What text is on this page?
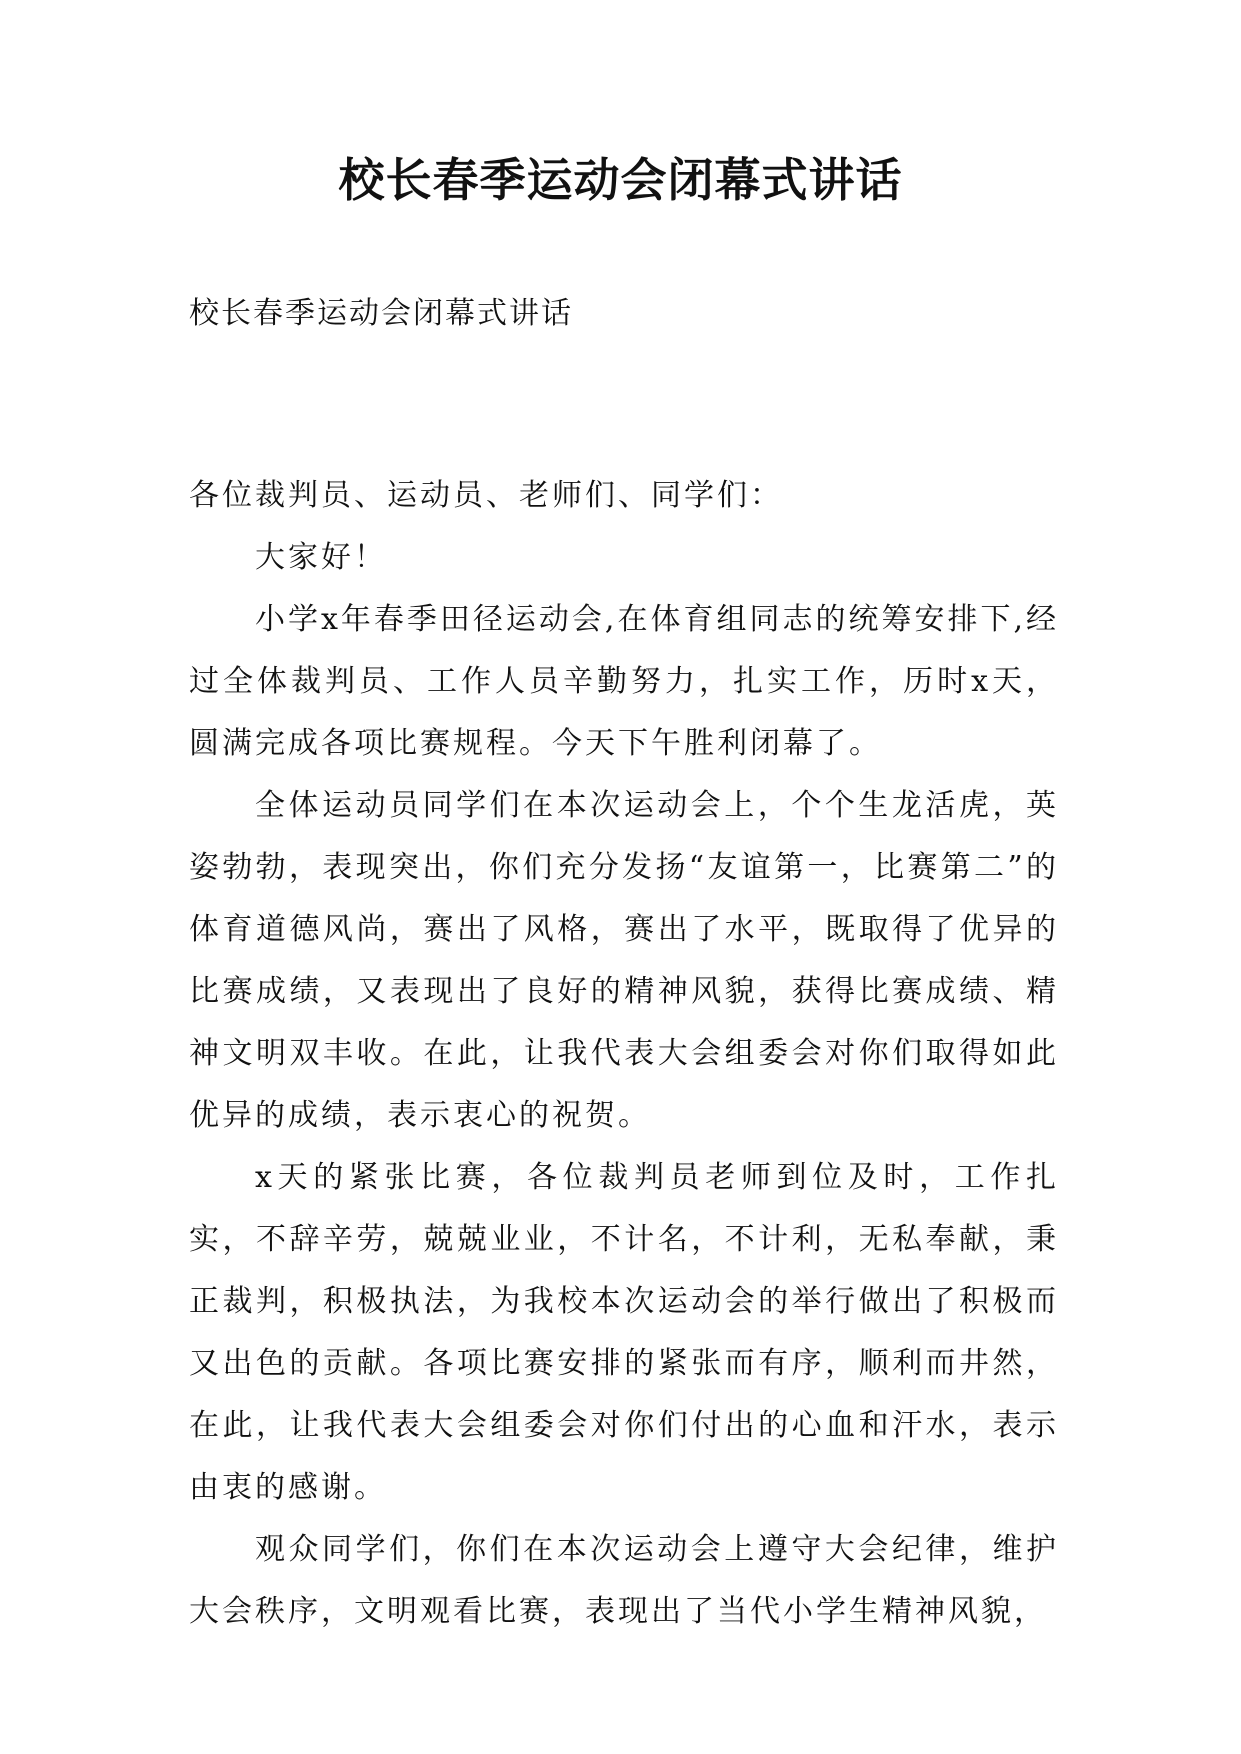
校长春季运动会闭幕式讲话
校长春季运动会闭幕式讲话

各位裁判员、运动员、老师们、同学们：

大家好！

小学x年春季田径运动会,在体育组同志的统筹安排下,经过全体裁判员、工作人员辛勤努力，扎实工作，历时x天，圆满完成各项比赛规程。今天下午胜利闭幕了。

全体运动员同学们在本次运动会上，个个生龙活虎，英姿勃勃，表现突出，你们充分发扬“友谊第一，比赛第二”的体育道德风尚，赛出了风格，赛出了水平，既取得了优异的比赛成绩，又表现出了良好的精神风貌，获得比赛成绩、精神文明双丰收。在此，让我代表大会组委会对你们取得如此优异的成绩，表示衷心的祝贺。

x天的紧张比赛，各位裁判员老师到位及时，工作扎实，不辞辛劳，兢兢业业，不计名，不计利，无私奉献，秉正裁判，积极执法，为我校本次运动会的举行做出了积极而又出色的贡献。各项比赛安排的紧张而有序，顺利而井然，在此，让我代表大会组委会对你们付出的心血和汗水，表示由衷的感谢。

观众同学们，你们在本次运动会上遵守大会纪律，维护大会秩序，文明观看比赛，表现出了当代小学生精神风貌，
